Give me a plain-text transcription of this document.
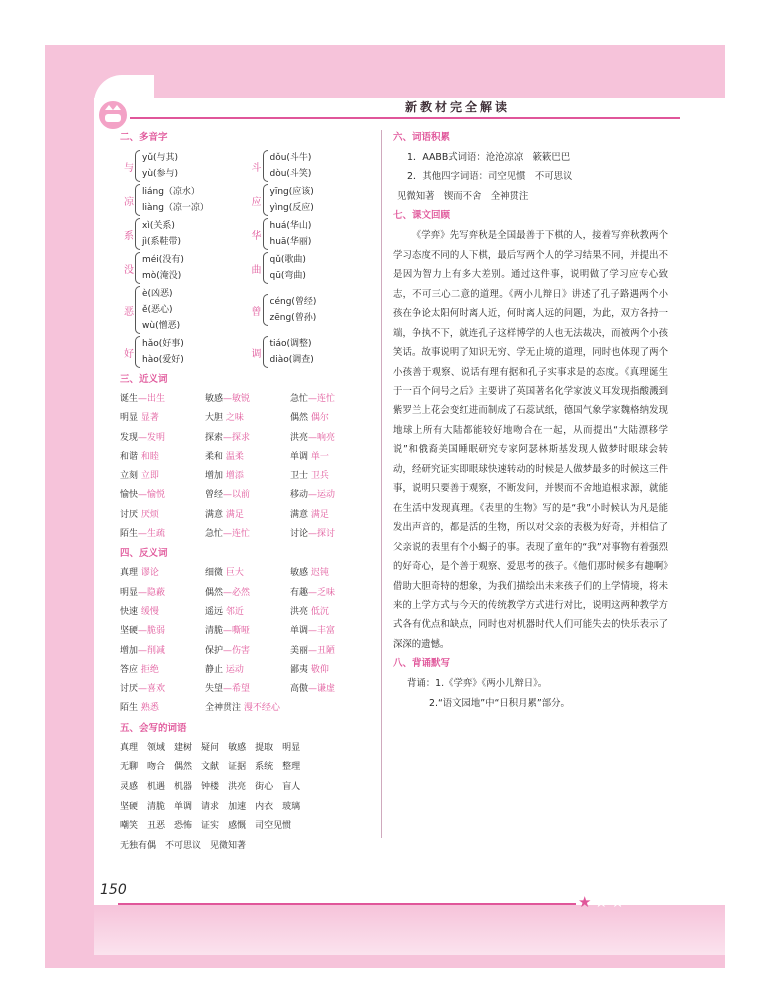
新教材完全解读
二、多音字
与
yǔ(与其)
yù(参与)
斗
dǒu(斗牛)
dòu(斗笑)
凉
liáng（凉水）
liàng（凉一凉）
应
yīng(应该)
yìng(反应)
系
xì(关系)
jì(系鞋带)
华
huá(华山)
huā(华丽)
没
méi(没有)
mò(淹没)
曲
qǔ(歌曲)
qū(弯曲)
恶
è(凶恶)
ě(恶心)
wù(憎恶)
曾
céng(曾经)
zēng(曾孙)
好
hǎo(好事)
hào(爱好)
调
tiáo(调整)
diào(调查)
三、近义词
诞生—出生	敏感—敏锐	急忙—连忙
明显 显著	大胆 之味	偶然 偶尔
发现—发明	探索—探求	洪亮—响亮
和谐 和睦	柔和 温柔	单调 单一
立刻 立即	增加 增添	卫士 卫兵
愉快—愉悦	曾经—以前	移动—运动
讨厌 厌烦	满意 满足	满意 满足
陌生—生疏	急忙—连忙	讨论—探讨
四、反义词
真理 谬论	细微 巨大	敏感 迟钝
明显—隐蔽	偶然—必然	有趣—乏味
快速 缓慢	遥远 邻近	洪亮 低沉
坚硬—脆弱	清脆—嘶哑	单调—丰富
增加—削减	保护—伤害	美丽—丑陋
答应 拒绝	静止 运动	鄙夷 敬仰
讨厌—喜欢	失望—希望	高傲—谦虚
陌生 熟悉	全神贯注 漫不经心
五、会写的词语
真理 领域 建树 疑问 敏感 提取 明显
无聊 吻合 偶然 文献 证据 系统 整理
灵感 机遇 机器 钟楼 洪亮 街心 盲人
坚硬 清脆 单调 请求 加速 内衣 玻璃
嘲笑 丑恶 恐怖 证实 感慨 司空见惯
无独有偶 不可思议 见微知著
六、词语积累
1．AABB式词语：沧沧凉凉　簌簌巴巴
2．其他四字词语：司空见惯　不可思议
见微知著　锲而不舍　全神贯注
七、课文回顾
《学弈》先写弈秋是全国最善于下棋的人，接着写弈秋教两个学习态度不同的人下棋，最后写两个人的学习结果不同，并提出不是因为智力上有多大差别。通过这件事，说明做了学习应专心致志，不可三心二意的道理。《两小儿辩日》讲述了孔子路遇两个小孩在争论太阳何时离人近，何时离人远的问题，为此，双方各持一端，争执不下，就连孔子这样博学的人也无法裁决，而被两个小孩笑话。故事说明了知识无穷、学无止境的道理，同时也体现了两个小孩善于观察、说话有理有据和孔子实事求是的态度。《真理诞生于一百个问号之后》主要讲了英国著名化学家波义耳发现指酸溅到紫罗兰上花会变红进而制成了石蕊试纸，德国气象学家魏格纳发现地球上所有大陆都能较好地吻合在一起，从而提出“大陆漂移学说”和俄裔美国睡眠研究专家阿瑟林斯基发现人做梦时眼球会转动，经研究证实即眼球快速转动的时候是人做梦最多的时候这三件事，说明只要善于观察，不断发问，并锲而不舍地追根求源，就能在生活中发现真理。《表里的生物》写的是“我”小时候认为凡是能发出声音的，都是活的生物，所以对父亲的表极为好奇，并相信了父亲说的表里有个小蝎子的事。表现了童年的“我”对事物有着强烈的好奇心，是个善于观察、爱思考的孩子。《他们那时候多有趣啊》借助大胆奇特的想象，为我们描绘出未来孩子们的上学情境，将未来的上学方式与今天的传统教学方式进行对比，说明这两种教学方式各有优点和缺点，同时也对机器时代人们可能失去的快乐表示了深深的遗憾。
八、背诵默写
背诵：1.《学弈》《两小儿辩日》。
2.“语文园地”中“日积月累”部分。
150
★ ★ ★
